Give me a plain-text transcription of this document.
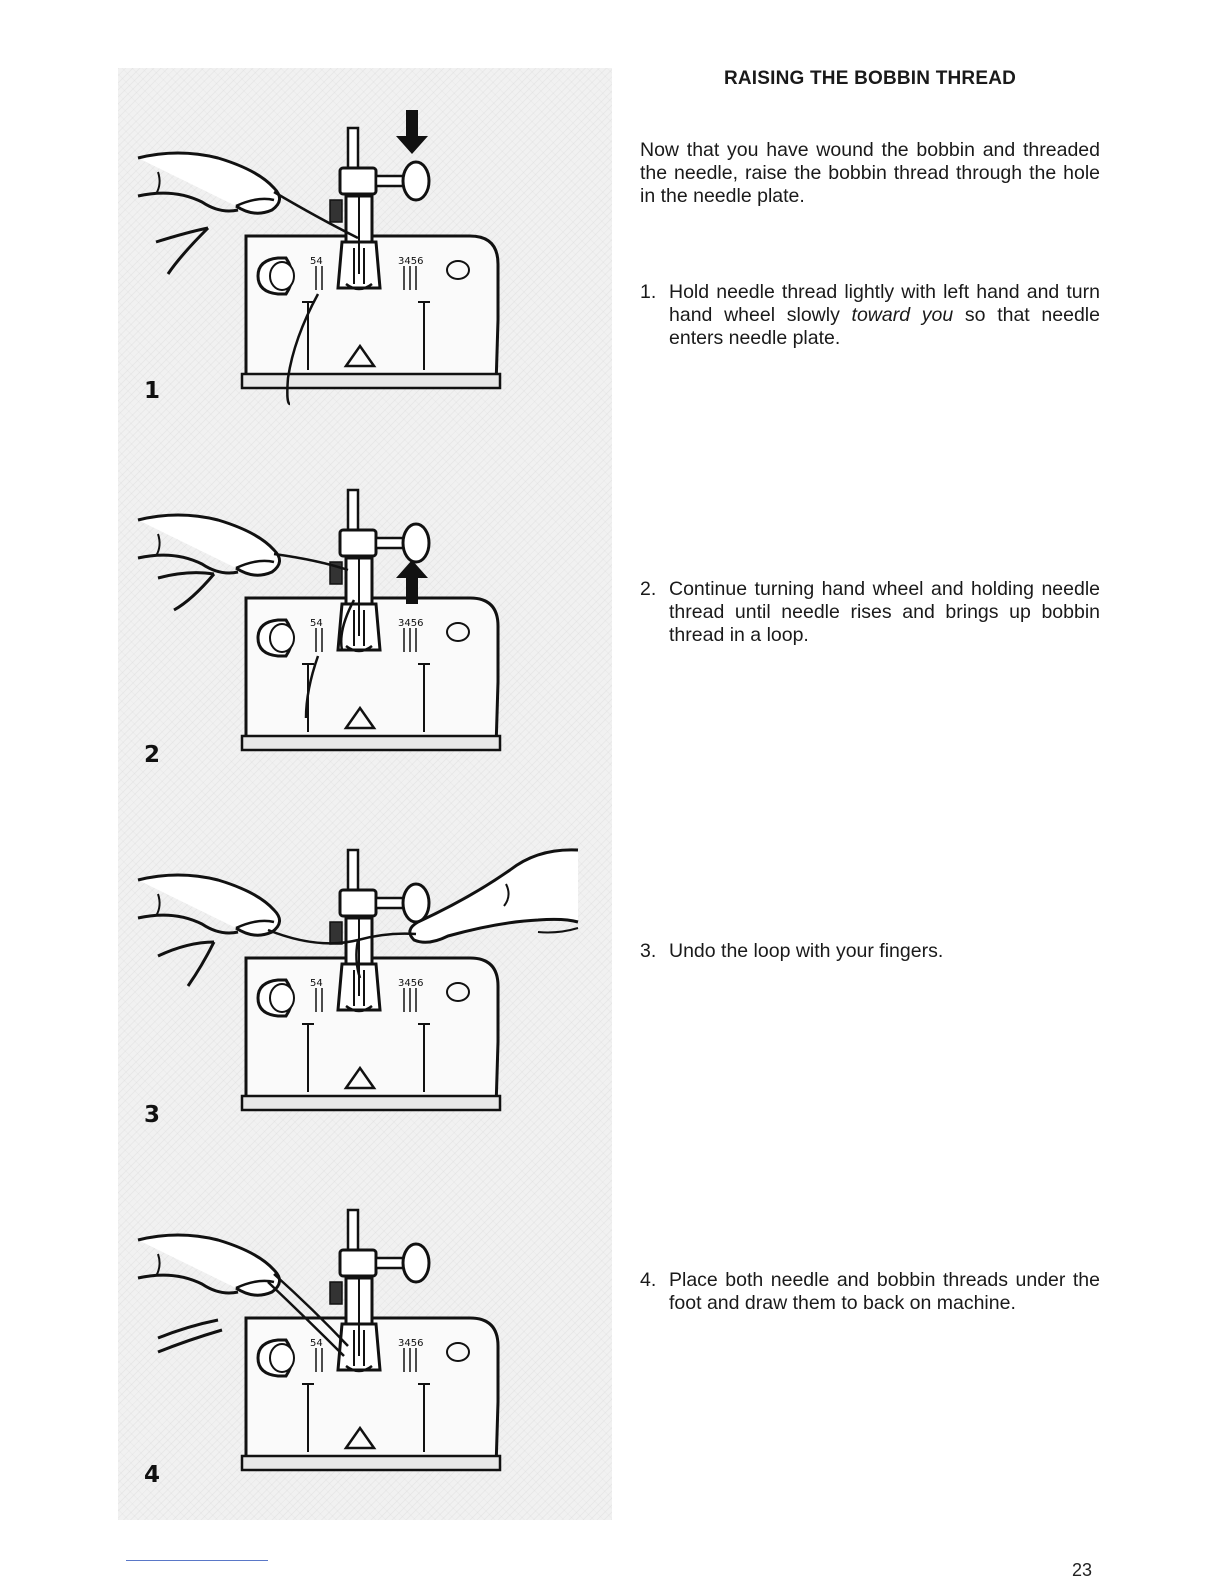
54	3456
1
54	3456
2
54	3456
3
54	3456
4
RAISING THE BOBBIN THREAD

Now that you have wound the bobbin and threaded the needle, raise the bobbin thread through the hole in the needle plate.

1. Hold needle thread lightly with left hand and turn hand wheel slowly toward you so that needle enters needle plate.
2. Continue turning hand wheel and holding needle thread until needle rises and brings up bobbin thread in a loop.
3. Undo the loop with your fingers.
4. Place both needle and bobbin threads under the foot and draw them to back on machine.
23
